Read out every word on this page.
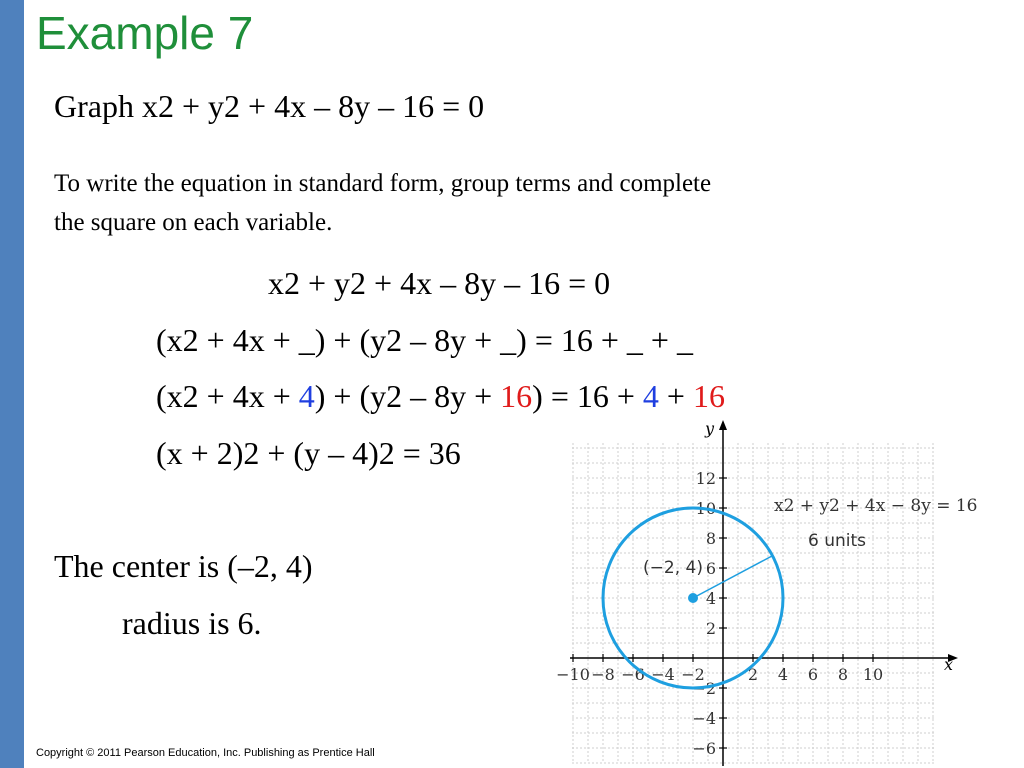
Example 7
Graph x2 + y2 + 4x – 8y – 16 = 0
To write the equation in standard form, group terms and complete
the square on each variable.
x2 + y2 + 4x – 8y – 16 = 0
(x2 + 4x + _) + (y2 – 8y + _) = 16 + _ + _
(x2 + 4x + 4) + (y2 – 8y + 16) = 16 + 4 + 16
(x + 2)2 + (y – 4)2 = 36
The center is (–2, 4)
radius is 6.
−10 −8 −6 −4 −2	2 4 6 8 10
12
10
8
6
4
2
−2
−4
−6
x
y
x2 + y2 + 4x − 8y = 16
(−2, 4)
6 units
Copyright © 2011 Pearson Education, Inc. Publishing as Prentice Hall
